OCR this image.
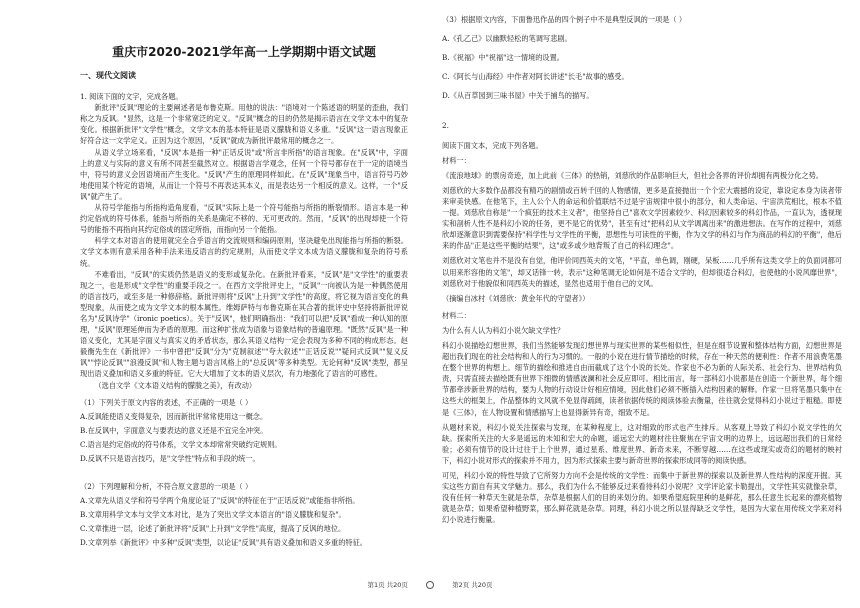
重庆市2020-2021学年高一上学期期中语文试题
一、现代文阅读

1. 阅读下面的文字，完成各题。

新批评"反讽"理论的主要阐述者是布鲁克斯。用他的说法："语境对一个陈述语的明显的歪曲，我们称之为反讽。"显然，这是一个非常宽泛的定义。"反讽"概念的目的仍然是揭示语言在文学文本中的复杂变化。根据新批评"文学性"概念，文学文本的基本特征是语义朦胧和语义多重。"反讽"这一语言现象正好符合这一文学定义。正因为这个原因，"反讽"就成为新批评最常用的概念之一。

从语义学立场来看，"反讽"本是指一种"正话反说"或"所言非所指"的语言现象。在"反讽"中，字面上的意义与实际的意义有所不同甚至截然对立。根据语言学观念，任何一个符号都存在于一定的语境当中，符号的意义会因语境而产生变化。"反讽"产生的原理同样如此。在"反讽"现象当中，语言符号巧妙地使用某个特定的语境，从而让一个符号不再表达其本义，而是表达另一个相反的意义。这样，一个"反讽"就产生了。

从符号学能指与所指构造角度看，"反讽"实际上是一个符号能指与所指的断裂情形。语言本是一种约定俗成的符号体系，能指与所指的关系是确定不移的、无可更改的。然而，"反讽"的出现却使一个符号的能指不再指向其约定俗成的固定所指，而指向另一个能指。

科学文本对语言的使用就完全合乎语言的交流规则和编码原则，坚决避免出现能指与所指的断裂。文学文本则有意采用各种手法来违反语言的约定规则，从而使文学文本成为语义朦胧和复杂的符号系统。

不难看出，"反讽"的实质仍然是语义的变形或复杂化。在新批评看来，"反讽"是"文学性"的重要表现之一，也是形成"文学性"的重要手段之一。在西方文学批评史上，"反讽"一向被认为是一种偶然使用的语言技巧，或至多是一种修辞格。新批评则将"反讽"上升到"文学性"的高度，将它视为语言变化的典型现象，从而使之成为文学文本的根本属性。维姆萨特与布鲁克斯在其合著的批评史中坚持将新批评说名为"反讽诗学"（ironic poetics）。关于"反讽"，他们明确指出："我们可以把"反讽"看成一种认知的原理，"反讽"原理延伸而为矛盾的原理。而这种扩张成为语象与语象结构的普遍原理。"既然"反讽"是一种语义变化，尤其是字面义与真实义的矛盾状态，那么其语义结构一定会表现为多种不同的构成形态。赵毅衡先生在《新批评》一书中曾把"反讽"分为"克制叙述""夸大叙述""正话反说""疑问式反讽""复义反讽""悖论反讽""浪漫反讽"和人物主题与语言风格上的"总反讽"等多种类型。无论何种"反讽"类型，都呈现出语义叠加和语义多重的特征。它大大增加了文本的语义层次，有力地强化了语言的可感性。

（选自文学《文本语义结构的朦胧之美》，有改动）

（1）下列关于原文内容的表述，不正确的一项是（ ）

A.反讽能使语义变得复杂，因而新批评常常使用这一概念。
B.在反讽中，字面意义与要表达的意义还是不宜完全冲突。
C.语言是约定俗成的符号体系，文学文本却常常突破约定规则。
D.反讽不只是语言技巧，是"文学性"特点和手段的统一。

（2）下列理解和分析，不符合原文意思的一项是（ ）

A.文章先从语义学和符号学两个角度论证了"反讽"的特征在于"正话反说"或能指非所指。
B.文章用科学文本与文学文本对比，是为了突出文学文本语言的"语义朦胧和复杂"。
C.文章推进一层，论述了新批评将"反讽"上升到"文学性"高度，提高了反讽的地位。
D.文章列举《新批评》中多种"反讽"类型，以论证"反讽"具有语义叠加和语义多重的特征。

（3）根据原文内容，下面鲁迅作品的四个例子中不是典型反讽的一项是（ ）

A.《孔乙己》以幽默轻松的笔调写悲剧。
B.《祝福》中"祝福"这一情境的设置。
C.《阿长与山海经》中作者对阿长讲述"长毛"故事的感受。
D.《从百草园到三味书屋》中关于捕鸟的描写。

2.

阅读下面文本，完成下列各题。

材料一：

《流浪地球》的票房奇迹，加上此前《三体》的热销，刘慈欣的作品影响巨大，但社会各界的评价却拥有两极分化之势。

刘慈欣的大多数作品都没有精巧的剧情或百转千回的人物感情，更多是直接抛出一个个宏大震撼的设定，靠设定本身为读者带来审美快感。在他笔下，主人公个人的命运和价值联结不过是宇宙规律中很小的部分，和人类命运、宇宙洪荒相比，根本不值一提。刘慈欣自称是"一个疯狂的技术主义者"，他坚持自己"喜欢文学因素较少、科幻因素较多的科幻作品，一直认为，透视现实和剖析人性不是科幻小说的任务，更不是它的优势"，甚至有过"把科幻从文学调离出来"的激进想法。在写作的过程中，刘慈欣却逐渐意识到需要保持"科学性与文学性的平衡，思想性与可读性的平衡，作为文学的科幻与作为商品的科幻的平衡"，他后来的作品"正是这些平衡的结果"，这"或多或少地背叛了自己的科幻理念"。

刘慈欣对文笔也并不是没有自觉，他评价同西英夫的文笔，"平直，单色调，刚硬，呆板……几乎所有这类文学上的负面词都可以用来形容他的文笔"，却又话锋一转，表示"这种笔调无论如何是不适合文学的，但却很适合科幻，也使他的小说风靡世界"，刘慈欣对于他貌似和同西英夫的描述，显然也适用于他自己的文风。

（摘编自冰村《刘慈欣：黄金年代的守望者》）

材料二：

为什么有人认为科幻小说欠缺文学性？

科幻小说描绘幻想世界，我们当然能够发现幻想世界与现实世界的某些相似性，但是在细节设置和整体结构方面，幻想世界是超出我们现在的社会结构和人的行为习惯的。一般的小说在进行情节描绘的时候，存在一种天然的便利性：作者不用浪费笔墨在整个世界的构想上。细节的描绘和推进自由而截成了这个小说的长处。作家也不必为新的人际关系、社会行为、世界结构负责，只需直接去描绘既有世界下细微的情感波澜和社会反应即可。相比而言，每一部科幻小说都是在创造一个新世界，每个细节都牵涉新世界的结构，要为人物的行动设计好相应情境，因此他们必须不断插入结构因素的解释。作家一旦将笔墨只集中在这些大的框架上，作品整体的文风就不免显得疏阔，读者依据传统的阅读体验去衡量，往往就会觉得科幻小说过于粗糙。即使是《三体》，在人物设置和情感描写上也显得新异有奇，细致不足。

从题材来说，科幻小说关注探索与发现，在某种程度上，这对细致的形式也产生排斥。从客观上导致了科幻小说文学性的欠缺。探索所关注的大多是遥远的未知和宏大的命题，遥远宏大的题材往往聚焦在宇宙文明的边界上，远远超出我们的日常经验；必须有情节的设计过往于上个世界，通过星系、维度世界、新奇未来，不断穿越……在这些或现实或奇幻的题材的映衬下，科幻小说对形式的探索并不用力，因为形式探索主要与新奇世界的探索形成同等的阅读快感。

可见，科幻小说的特性导致了它所努力方向不会是传统的文学性：而集中于新世界的探索以及新世界人性结构的深度开掘。其实这些方面自有其文学魅力。那么，我们为什么不能够反过来看待科幻小说呢？文学评论家卡勒提出，文学性其实就像杂草，没有任何一种草天生就是杂草，杂草是根据人们的目的来划分的。如果希望庭院里种的是鲜花，那么任意生长起来的漂亮植物就是杂草；如果希望种植野菜，那么鲜花就是杂草。同理，科幻小说之所以显得缺乏文学性，是因为大家在用传统文学来对科幻小说进行衡量。

第1页 共20页	第2页 共20页
